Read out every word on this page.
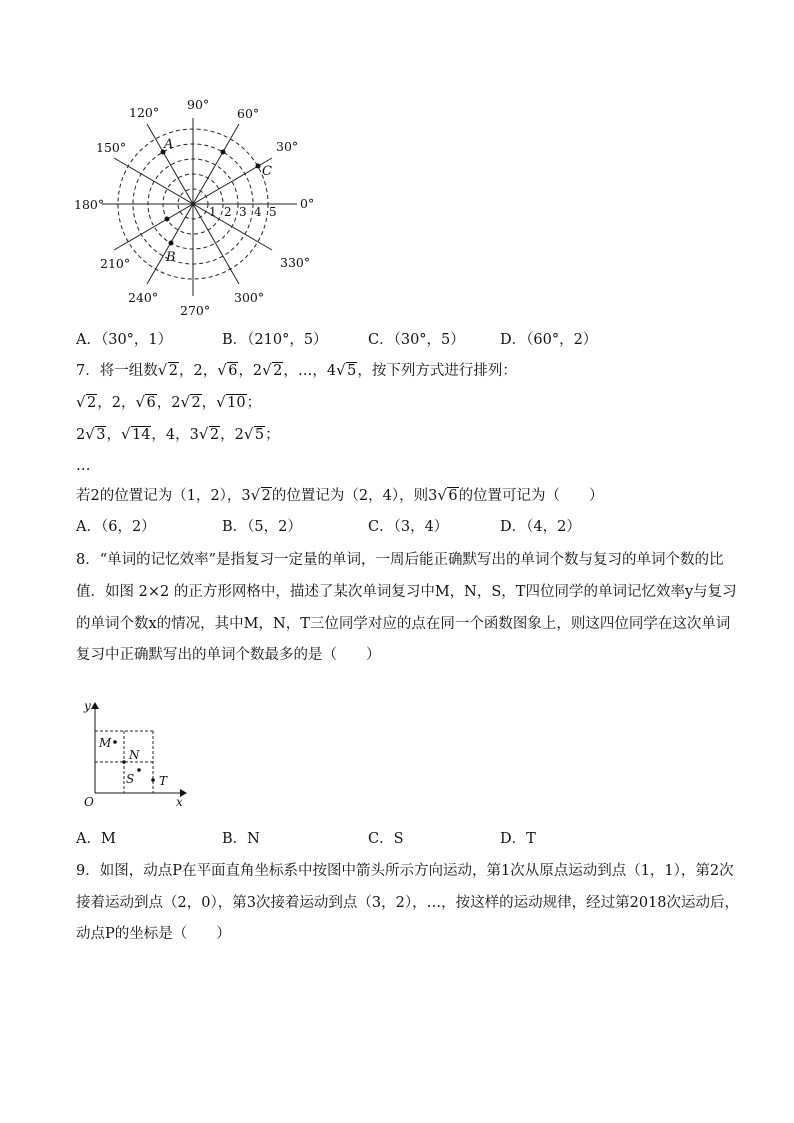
0°
30°
60°
90°
120°
150°
180°
210°
240°
270°
300°
330°
1 2 3 4 5
A
B
C
A．（30°，1）	B．（210°，5）	C．（30°，5） D．（60°，2）
7．将一组数 √ 2，2， √ 6，2 √ 2，…，4 √ 5，按下列方式进行排列：
√ 2，2， √ 6，2 √ 2， √ 10；
2 √ 3， √ 14，4，3 √ 2，2 √ 5；
…
若2的位置记为（1，2），3 √ 2的位置记为（2，4），则3 √ 6的位置可记为（　　）
A．（6，2）	B．（5，2）	C．（3，4）	D．（4，2）
8．“单词的记忆效率”是指复习一定量的单词，一周后能正确默写出的单词个数与复习的单词个数的比
值．如图 2×2 的正方形网格中，描述了某次单词复习中M，N，S，T四位同学的单词记忆效率y与复习
的单词个数x的情况，其中M，N，T三位同学对应的点在同一个函数图象上，则这四位同学在这次单词
复习中正确默写出的单词个数最多的是（　　）
y
x
O
M
N
S T
A．M	B．N	C．S	D．T
9．如图，动点P在平面直角坐标系中按图中箭头所示方向运动，第1次从原点运动到点（1，1），第2次
接着运动到点（2，0），第3次接着运动到点（3，2），…，按这样的运动规律，经过第2018次运动后，
动点P的坐标是（　　）
